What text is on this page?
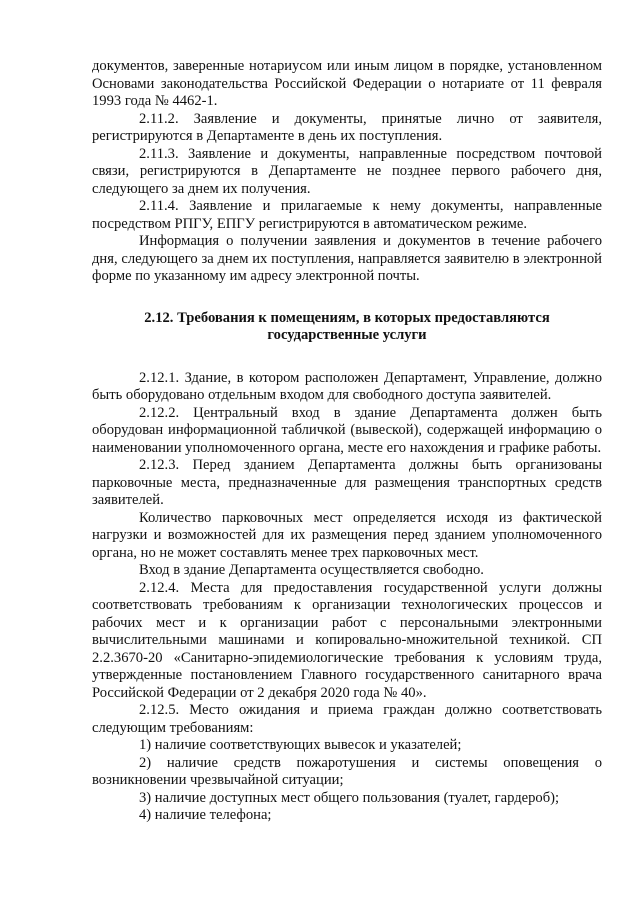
документов, заверенные нотариусом или иным лицом в порядке, установленном Основами законодательства Российской Федерации о нотариате от 11 февраля 1993 года № 4462-1.

2.11.2. Заявление и документы, принятые лично от заявителя, регистрируются в Департаменте в день их поступления.

2.11.3. Заявление и документы, направленные посредством почтовой связи, регистрируются в Департаменте не позднее первого рабочего дня, следующего за днем их получения.

2.11.4. Заявление и прилагаемые к нему документы, направленные посредством РПГУ, ЕПГУ регистрируются в автоматическом режиме.

Информация о получении заявления и документов в течение рабочего дня, следующего за днем их поступления, направляется заявителю в электронной форме по указанному им адресу электронной почты.

2.12. Требования к помещениям, в которых предоставляются
государственные услуги

2.12.1. Здание, в котором расположен Департамент, Управление, должно быть оборудовано отдельным входом для свободного доступа заявителей.

2.12.2. Центральный вход в здание Департамента должен быть оборудован информационной табличкой (вывеской), содержащей информацию о наименовании уполномоченного органа, месте его нахождения и графике работы.

2.12.3. Перед зданием Департамента должны быть организованы парковочные места, предназначенные для размещения транспортных средств заявителей.

Количество парковочных мест определяется исходя из фактической нагрузки и возможностей для их размещения перед зданием уполномоченного органа, но не может составлять менее трех парковочных мест.

Вход в здание Департамента осуществляется свободно.

2.12.4. Места для предоставления государственной услуги должны соответствовать требованиям к организации технологических процессов и рабочих мест и к организации работ с персональными электронными вычислительными машинами и копировально-множительной техникой. СП 2.2.3670-20 «Санитарно-эпидемиологические требования к условиям труда, утвержденные постановлением Главного государственного санитарного врача Российской Федерации от 2 декабря 2020 года № 40».

2.12.5. Место ожидания и приема граждан должно соответствовать следующим требованиям:

1) наличие соответствующих вывесок и указателей;

2) наличие средств пожаротушения и системы оповещения о возникновении чрезвычайной ситуации;

3) наличие доступных мест общего пользования (туалет, гардероб);

4) наличие телефона;
